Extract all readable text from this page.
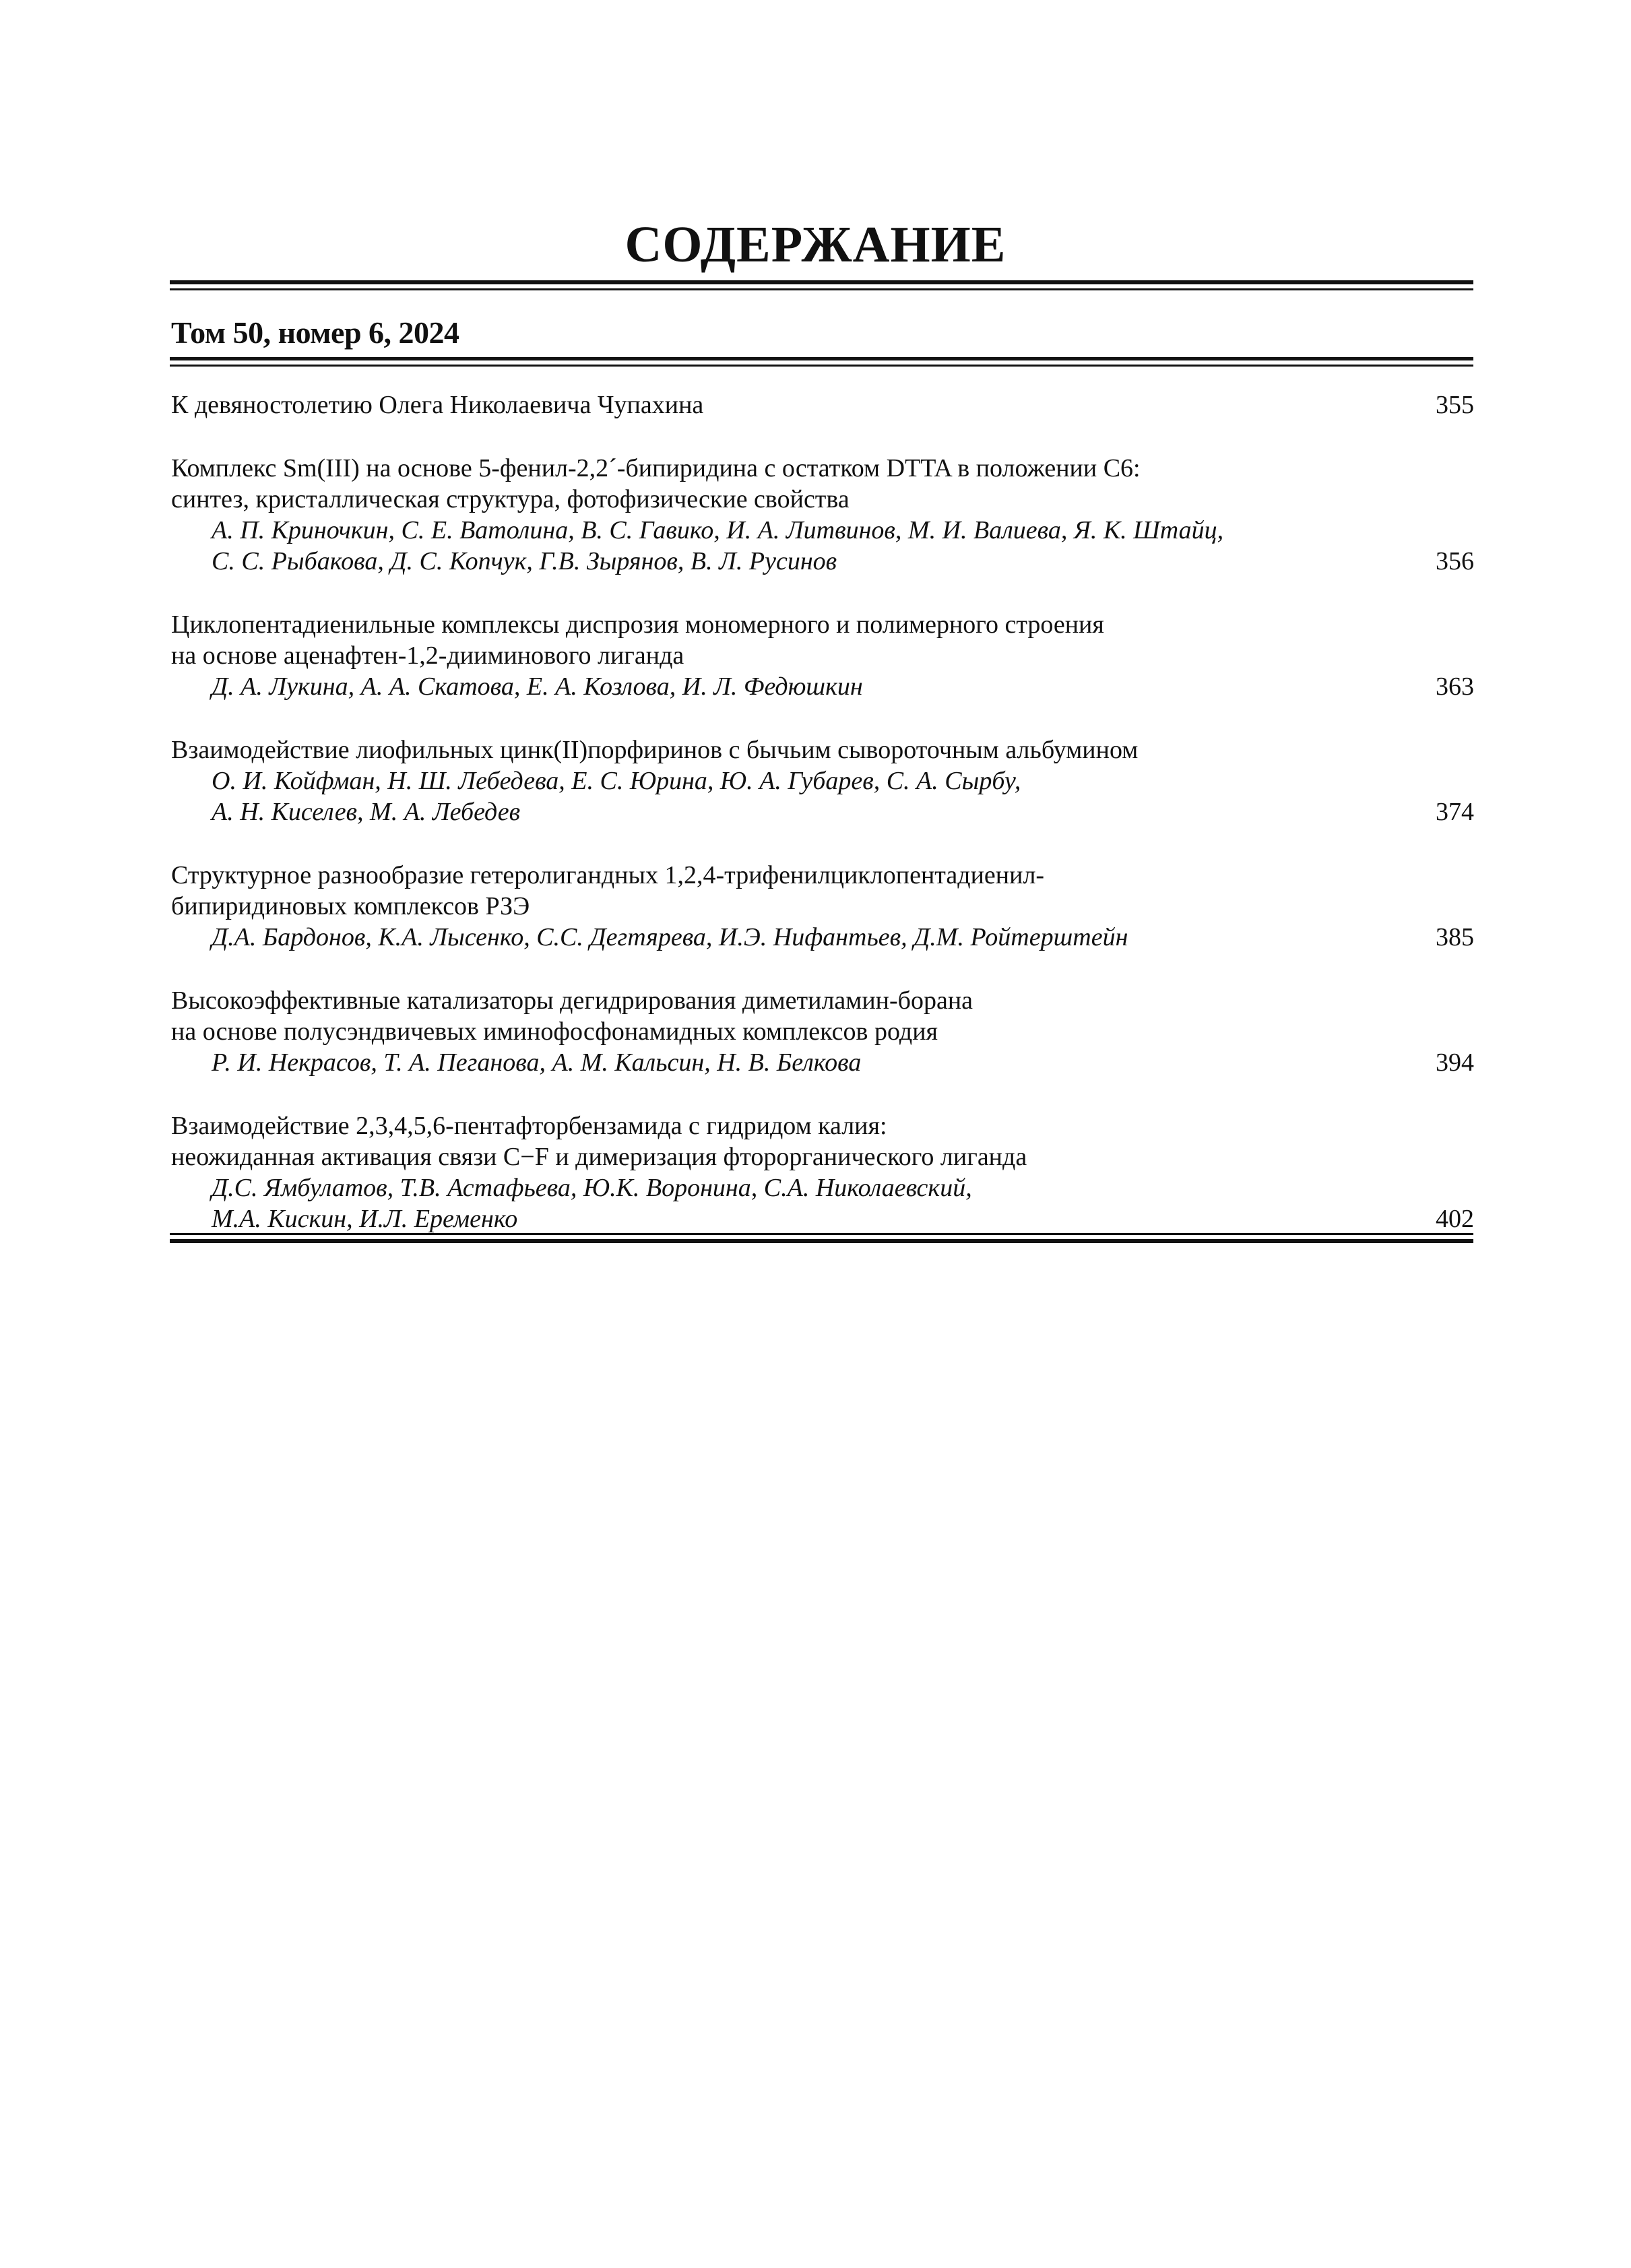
СОДЕРЖАНИЕ
Том 50, номер 6, 2024
К девяностолетию Олега Николаевича Чупахина	355
Комплекс Sm(III) на основе 5-фенил-2,2´-бипиридина с остатком DTTA в положении C6:
синтез, кристаллическая структура, фотофизические свойства
А. П. Криночкин, С. Е. Ватолина, В. С. Гавико, И. А. Литвинов, М. И. Валиева, Я. К. Штайц,
С. С. Рыбакова, Д. С. Копчук, Г.В. Зырянов, В. Л. Русинов	356
Циклопентадиенильные комплексы диспрозия мономерного и полимерного строения
на основе аценафтен-1,2-дииминового лиганда
Д. А. Лукина, А. А. Скатова, Е. А. Козлова, И. Л. Федюшкин	363
Взаимодействие лиофильных цинк(II)порфиринов с бычьим сывороточным альбумином
О. И. Койфман, Н. Ш. Лебедева, Е. С. Юрина, Ю. А. Губарев, С. А. Сырбу,
А. Н. Киселев, М. А. Лебедев	374
Структурное разнообразие гетеролигандных 1,2,4-трифенилциклопентадиенил-
бипиридиновых комплексов РЗЭ
Д.А. Бардонов, К.А. Лысенко, С.С. Дегтярева, И.Э. Нифантьев, Д.М. Ройтерштейн	385
Высокоэффективные катализаторы дегидрирования диметиламин-борана
на основе полусэндвичевых иминофосфонамидных комплексов родия
Р. И. Некрасов, Т. А. Пеганова, А. М. Кальсин, Н. В. Белкова	394
Взаимодействие 2,3,4,5,6-пентафторбензамида с гидридом калия:
неожиданная активация связи C−F и димеризация фторорганического лиганда
Д.С. Ямбулатов, Т.В. Астафьева, Ю.К. Воронина, С.А. Николаевский,
М.А. Кискин, И.Л. Еременко	402
